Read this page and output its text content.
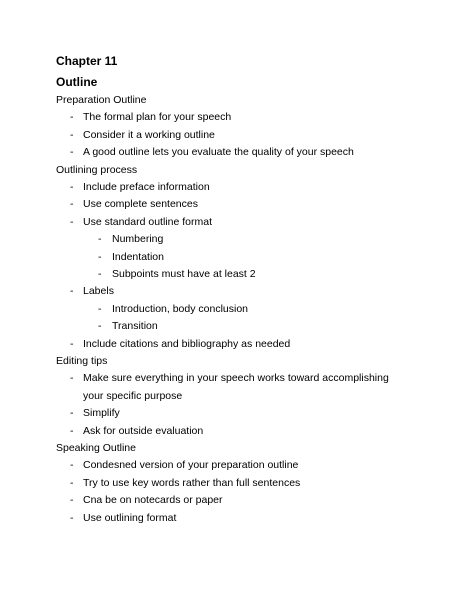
Chapter 11
Outline
Preparation Outline
- The formal plan for your speech
- Consider it a working outline
- A good outline lets you evaluate the quality of your speech
Outlining process
- Include preface information
- Use complete sentences
- Use standard outline format
-	Numbering
-	Indentation
-	Subpoints must have at least 2
- Labels
-	Introduction, body conclusion
-	Transition
- Include citations and bibliography as needed
Editing tips
- Make sure everything in your speech works toward accomplishing your specific purpose
- Simplify
- Ask for outside evaluation
Speaking Outline
- Condesned version of your preparation outline
- Try to use key words rather than full sentences
- Cna be on notecards or paper
- Use outlining format
